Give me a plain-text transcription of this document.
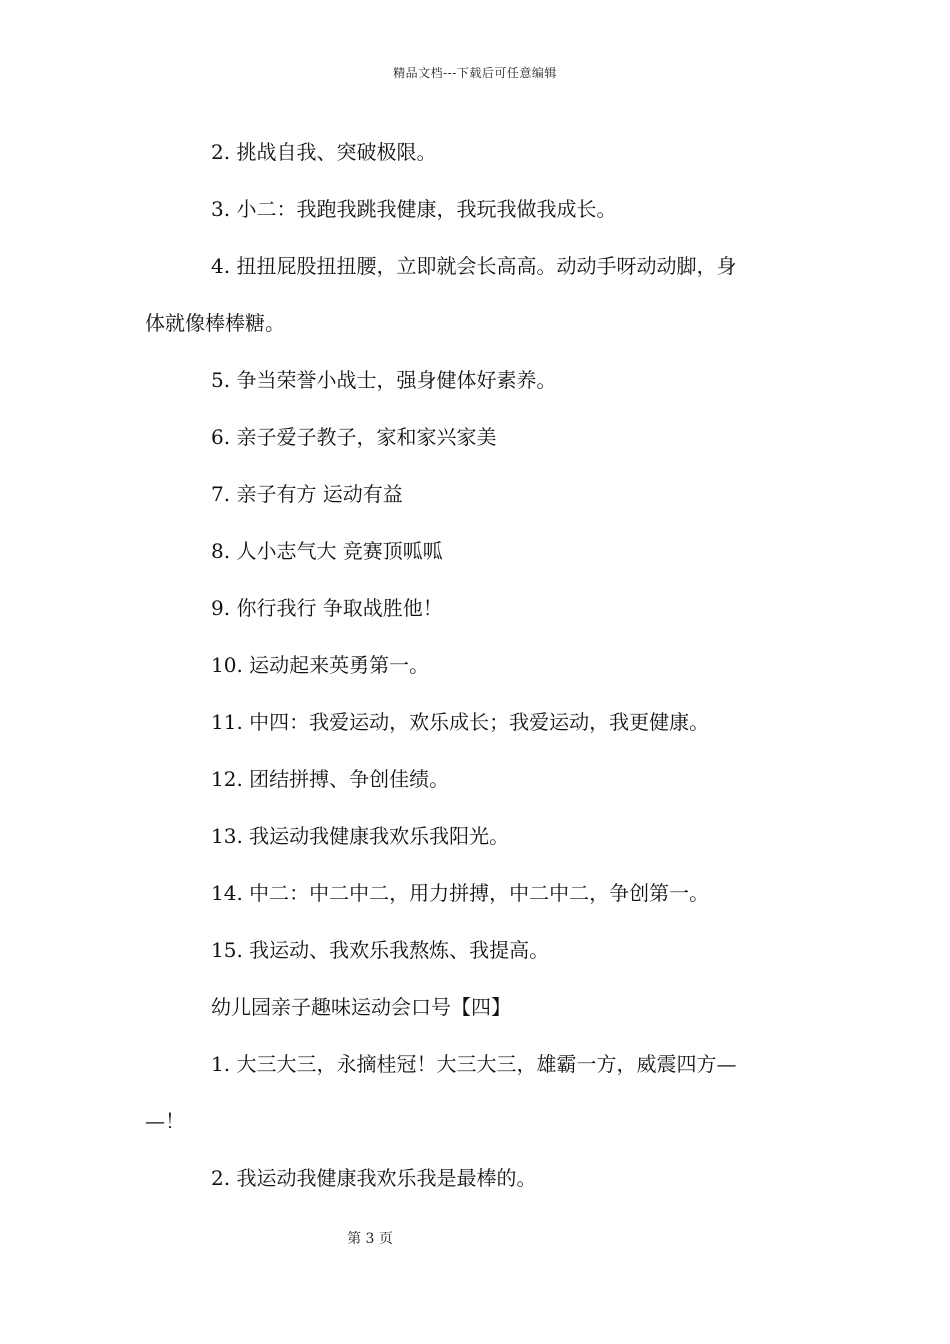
精品文档---下载后可任意编辑
2. 挑战自我、突破极限。
3. 小二：我跑我跳我健康，我玩我做我成长。
4. 扭扭屁股扭扭腰，立即就会长高高。动动手呀动动脚，身
体就像棒棒糖。
5. 争当荣誉小战士，强身健体好素养。
6. 亲子爱子教子，家和家兴家美
7. 亲子有方 运动有益
8. 人小志气大 竞赛顶呱呱
9. 你行我行 争取战胜他！
10. 运动起来英勇第一。
11. 中四：我爱运动，欢乐成长；我爱运动，我更健康。
12. 团结拼搏、争创佳绩。
13. 我运动我健康我欢乐我阳光。
14. 中二：中二中二，用力拼搏，中二中二，争创第一。
15. 我运动、我欢乐我熬炼、我提高。
幼儿园亲子趣味运动会口号【四】
1. 大三大三，永摘桂冠！大三大三，雄霸一方，威震四方—
—！
2. 我运动我健康我欢乐我是最棒的。
第 3 页
